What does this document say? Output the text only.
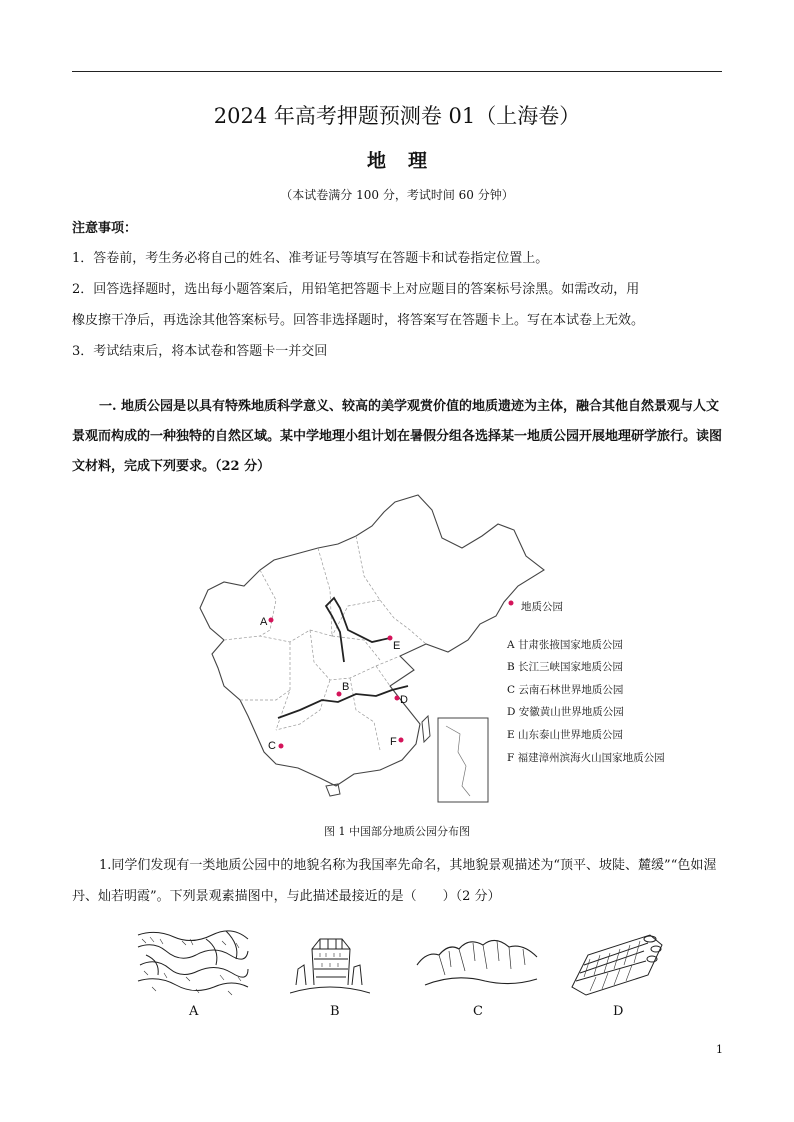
2024 年高考押题预测卷 01（上海卷）
地理
（本试卷满分 100 分，考试时间 60 分钟）
注意事项：
1．答卷前，考生务必将自己的姓名、准考证号等填写在答题卡和试卷指定位置上。
2．回答选择题时，选出每小题答案后，用铅笔把答题卡上对应题目的答案标号涂黑。如需改动，用
橡皮擦干净后，再选涂其他答案标号。回答非选择题时，将答案写在答题卡上。写在本试卷上无效。
3．考试结束后，将本试卷和答题卡一并交回
一. 地质公园是以具有特殊地质科学意义、较高的美学观赏价值的地质遗迹为主体，融合其他自然景观与人文景观而构成的一种独特的自然区域。某中学地理小组计划在暑假分组各选择某一地质公园开展地理研学旅行。读图文材料，完成下列要求。（22 分）
A
B
C
D
E
F
地质公园
A 甘肃张掖国家地质公园
B 长江三峡国家地质公园
C 云南石林世界地质公园
D 安徽黄山世界地质公园
E 山东泰山世界地质公园
F 福建漳州滨海火山国家地质公园
图 1 中国部分地质公园分布图
1.同学们发现有一类地质公园中的地貌名称为我国率先命名，其地貌景观描述为“顶平、坡陡、麓缓”“色如渥丹、灿若明霞”。下列景观素描图中，与此描述最接近的是（　　）（2 分）
A	B	C	D
1
